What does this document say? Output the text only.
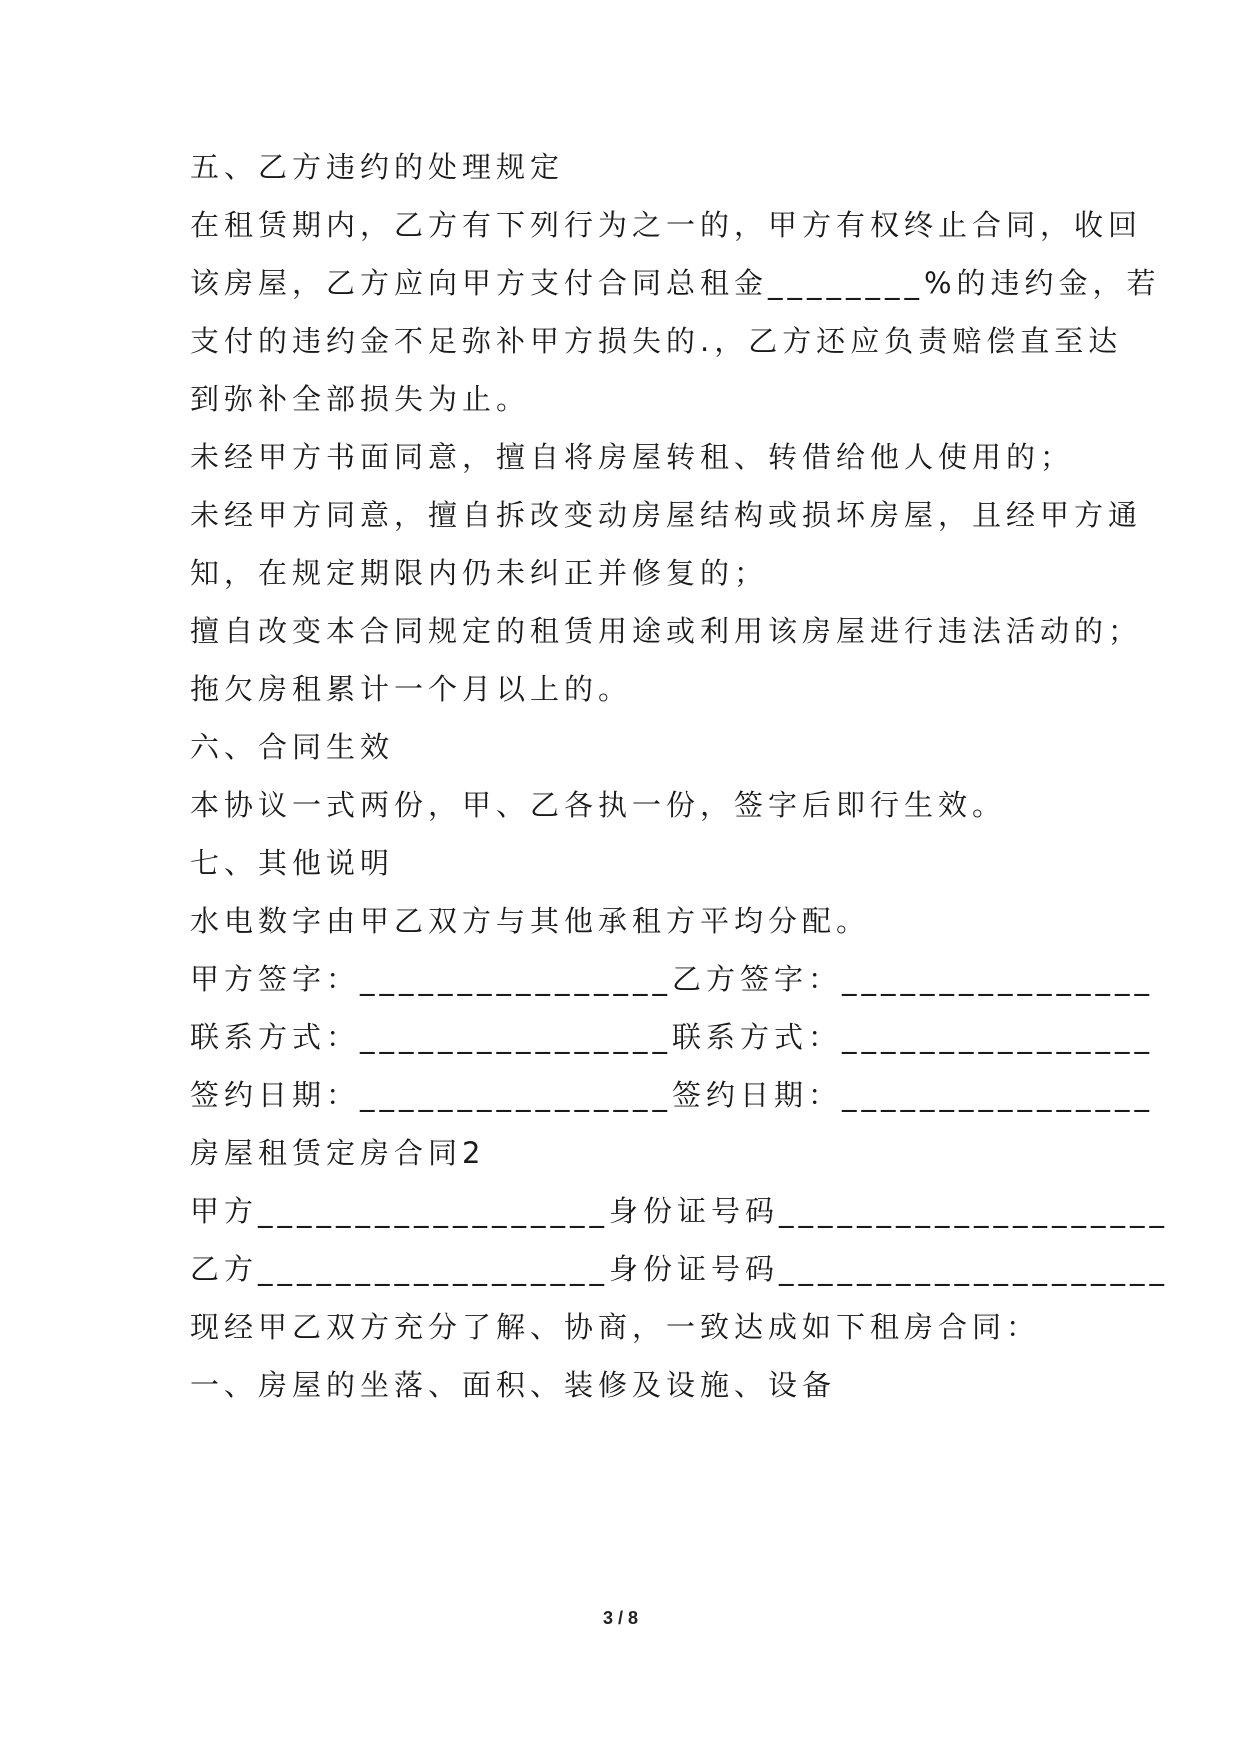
五、乙方违约的处理规定
在租赁期内，乙方有下列行为之一的，甲方有权终止合同，收回
该房屋，乙方应向甲方支付合同总租金________%的违约金，若
支付的违约金不足弥补甲方损失的.，乙方还应负责赔偿直至达
到弥补全部损失为止。
未经甲方书面同意，擅自将房屋转租、转借给他人使用的；
未经甲方同意，擅自拆改变动房屋结构或损坏房屋，且经甲方通
知，在规定期限内仍未纠正并修复的；
擅自改变本合同规定的租赁用途或利用该房屋进行违法活动的；
拖欠房租累计一个月以上的。
六、合同生效
本协议一式两份，甲、乙各执一份，签字后即行生效。
七、其他说明
水电数字由甲乙双方与其他承租方平均分配。
甲方签字：________________乙方签字：________________
联系方式：________________联系方式：________________
签约日期：________________签约日期：________________
房屋租赁定房合同2
甲方__________________身份证号码____________________
乙方__________________身份证号码____________________
现经甲乙双方充分了解、协商，一致达成如下租房合同：
一、房屋的坐落、面积、装修及设施、设备
3 / 8
